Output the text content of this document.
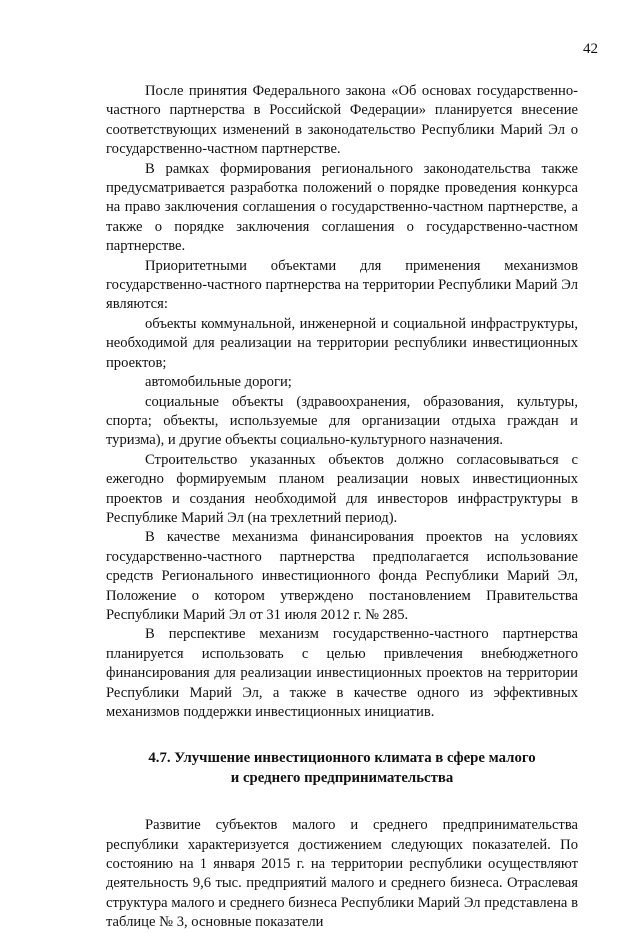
42

После принятия Федерального закона «Об основах государственно-частного партнерства в Российской Федерации» планируется внесение соответствующих изменений в законодательство Республики Марий Эл о государственно-частном партнерстве.

В рамках формирования регионального законодательства также предусматривается разработка положений о порядке проведения конкурса на право заключения соглашения о государственно-частном партнерстве, а также о порядке заключения соглашения о государственно-частном партнерстве.

Приоритетными объектами для применения механизмов государственно-частного партнерства на территории Республики Марий Эл являются:

объекты коммунальной, инженерной и социальной инфраструктуры, необходимой для реализации на территории республики инвестиционных проектов;

автомобильные дороги;

социальные объекты (здравоохранения, образования, культуры, спорта; объекты, используемые для организации отдыха граждан и туризма), и другие объекты социально-культурного назначения.

Строительство указанных объектов должно согласовываться с ежегодно формируемым планом реализации новых инвестиционных проектов и создания необходимой для инвесторов инфраструктуры в Республике Марий Эл (на трехлетний период).

В качестве механизма финансирования проектов на условиях государственно-частного партнерства предполагается использование средств Регионального инвестиционного фонда Республики Марий Эл, Положение о котором утверждено постановлением Правительства Республики Марий Эл от 31 июля 2012 г. № 285.

В перспективе механизм государственно-частного партнерства планируется использовать с целью привлечения внебюджетного финансирования для реализации инвестиционных проектов на территории Республики Марий Эл, а также в качестве одного из эффективных механизмов поддержки инвестиционных инициатив.

4.7. Улучшение инвестиционного климата в сфере малого
и среднего предпринимательства

Развитие субъектов малого и среднего предпринимательства республики характеризуется достижением следующих показателей. По состоянию на 1 января 2015 г. на территории республики осуществляют деятельность 9,6 тыс. предприятий малого и среднего бизнеса. Отраслевая структура малого и среднего бизнеса Республики Марий Эл представлена в таблице № 3, основные показатели
